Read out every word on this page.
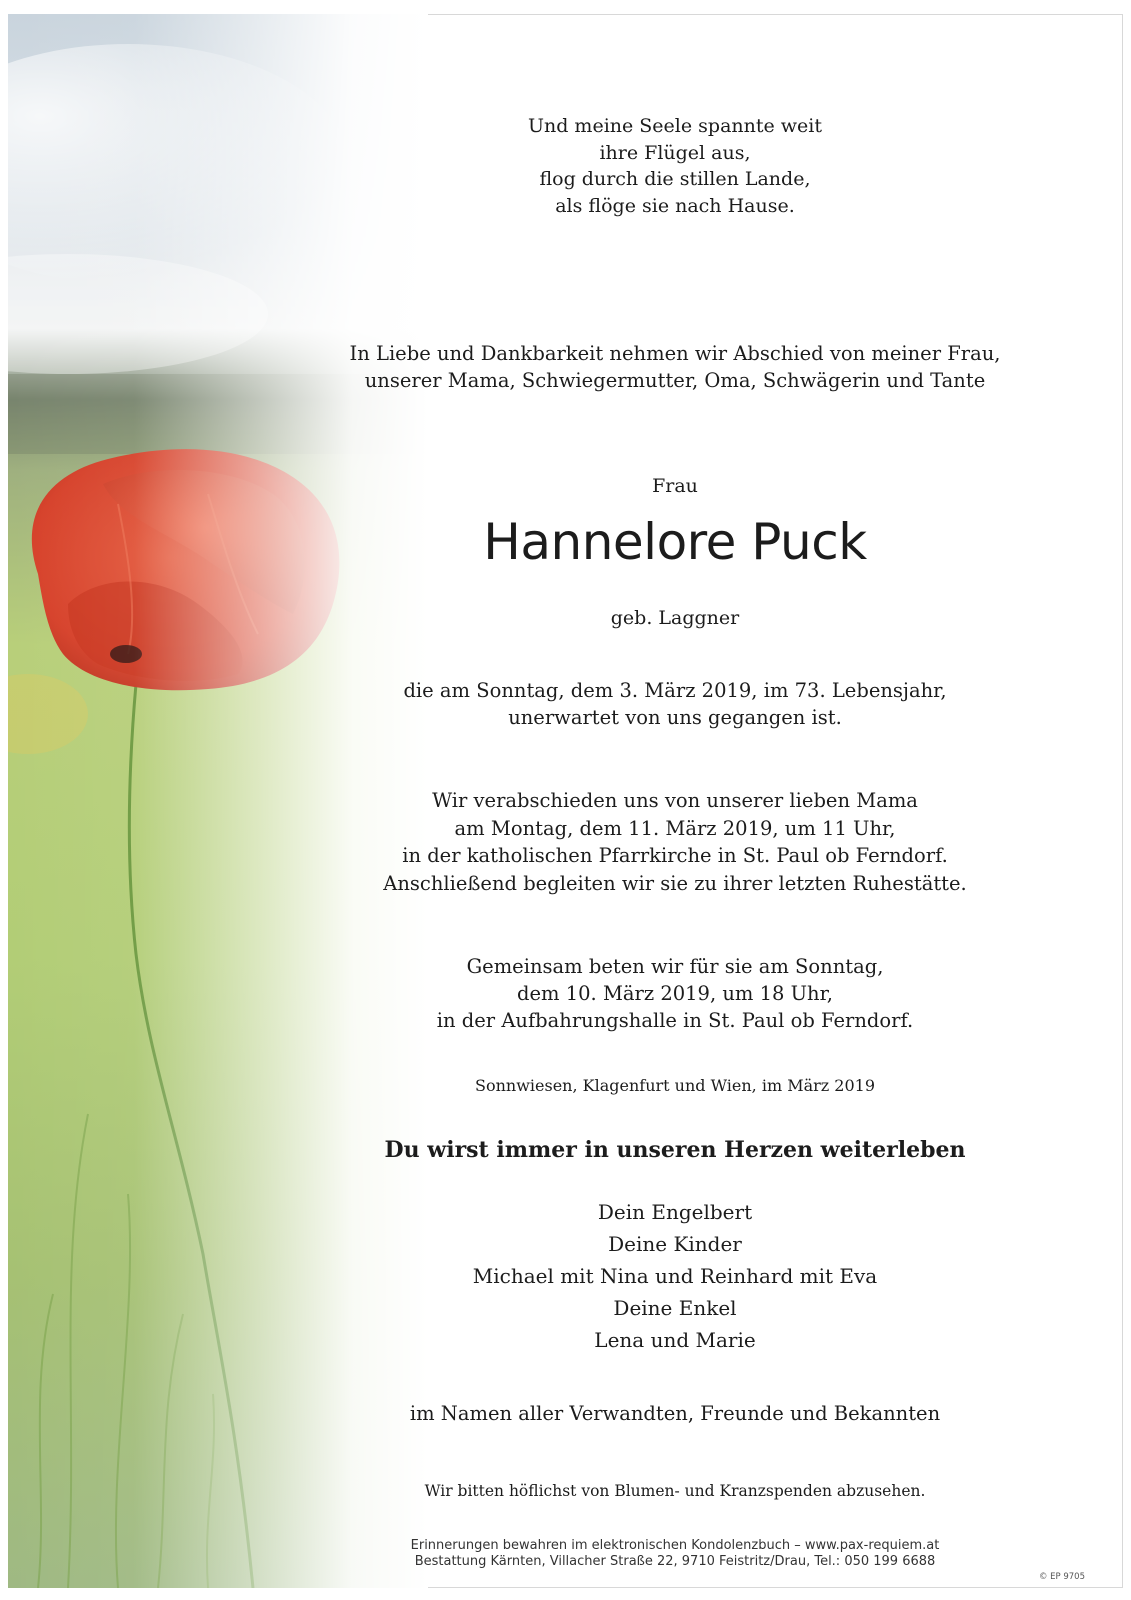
Und meine Seele spannte weit
ihre Flügel aus,
flog durch die stillen Lande,
als flöge sie nach Hause.
In Liebe und Dankbarkeit nehmen wir Abschied von meiner Frau,
unserer Mama, Schwiegermutter, Oma, Schwägerin und Tante
Frau
Hannelore Puck
geb. Laggner
die am Sonntag, dem 3. März 2019, im 73. Lebensjahr,
unerwartet von uns gegangen ist.
Wir verabschieden uns von unserer lieben Mama
am Montag, dem 11. März 2019, um 11 Uhr,
in der katholischen Pfarrkirche in St. Paul ob Ferndorf.
Anschließend begleiten wir sie zu ihrer letzten Ruhestätte.
Gemeinsam beten wir für sie am Sonntag,
dem 10. März 2019, um 18 Uhr,
in der Aufbahrungshalle in St. Paul ob Ferndorf.
Sonnwiesen, Klagenfurt und Wien, im März 2019
Du wirst immer in unseren Herzen weiterleben
Dein Engelbert
Deine Kinder
Michael mit Nina und Reinhard mit Eva
Deine Enkel
Lena und Marie
im Namen aller Verwandten, Freunde und Bekannten
Wir bitten höflichst von Blumen- und Kranzspenden abzusehen.
Erinnerungen bewahren im elektronischen Kondolenzbuch – www.pax-requiem.at
Bestattung Kärnten, Villacher Straße 22, 9710 Feistritz/Drau, Tel.: 050 199 6688
© EP 9705
